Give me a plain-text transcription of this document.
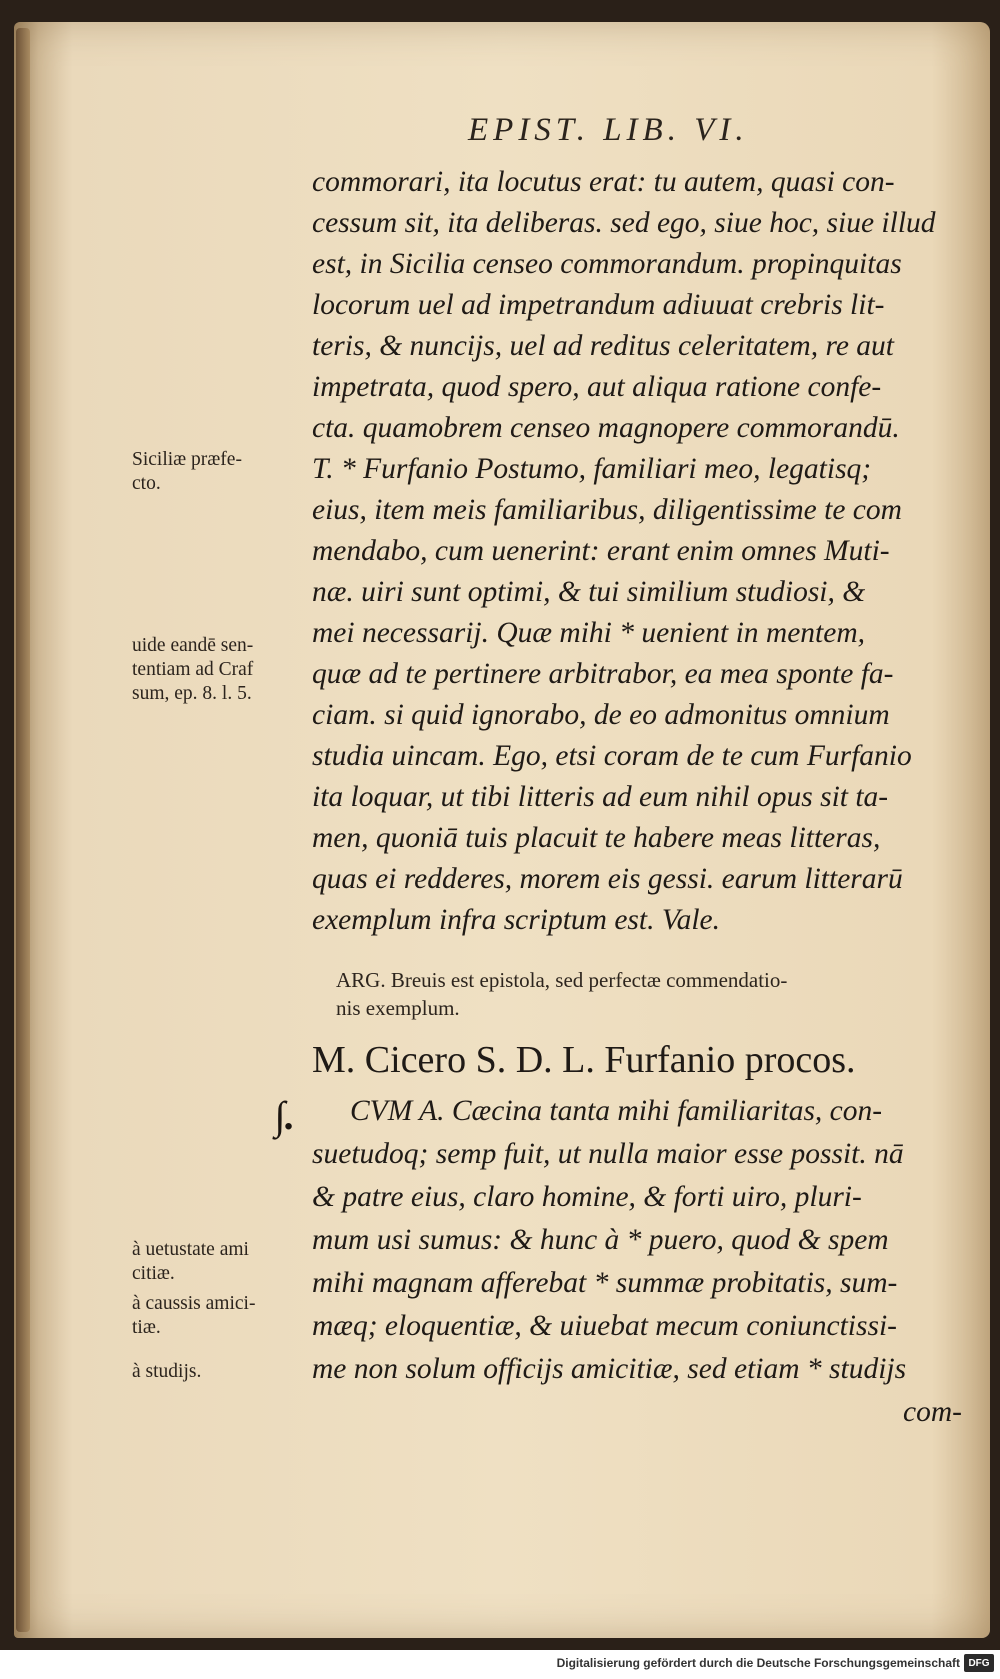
EPIST. LIB. VI.
commorari, ita locutus erat: tu autem, quasi con-
cessum sit, ita deliberas. sed ego, siue hoc, siue illud
est, in Sicilia censeo commorandum. propinquitas
locorum uel ad impetrandum adiuuat crebris lit-
teris, & nuncijs, uel ad reditus celeritatem, re aut
impetrata, quod spero, aut aliqua ratione confe-
cta. quamobrem censeo magnopere commorandū.
T. * Furfanio Postumo, familiari meo, legatisq;
eius, item meis familiaribus, diligentissime te com
mendabo, cum uenerint: erant enim omnes Muti-
næ. uiri sunt optimi, & tui similium studiosi, &
mei necessarij. Quæ mihi * uenient in mentem,
quæ ad te pertinere arbitrabor, ea mea sponte fa-
ciam. si quid ignorabo, de eo admonitus omnium
studia uincam. Ego, etsi coram de te cum Furfanio
ita loquar, ut tibi litteris ad eum nihil opus sit ta-
men, quoniā tuis placuit te habere meas litteras,
quas ei redderes, morem eis gessi. earum litterarū
exemplum infra scriptum est. Vale.
Siciliæ præfe-
cto.
uide eandē sen-
tentiam ad Craf
sum, ep. 8. l. 5.
ARG. Breuis est epistola, sed perfectæ commendatio-
nis exemplum.
M. Cicero S. D. L. Furfanio procos.
∫.	CVM A. Cæcina tanta mihi familiaritas, con-
suetudoq; semp fuit, ut nulla maior esse possit. nā
& patre eius, claro homine, & forti uiro, pluri-
mum usi sumus: & hunc à * puero, quod & spem
mihi magnam afferebat * summæ probitatis, sum-
mæq; eloquentiæ, & uiuebat mecum coniunctissi-
me non solum officijs amicitiæ, sed etiam * studijs
com-
à uetustate ami
citiæ.
à caussis amici-
tiæ.
à studijs.
Digitalisierung gefördert durch die Deutsche Forschungsgemeinschaft DFG
